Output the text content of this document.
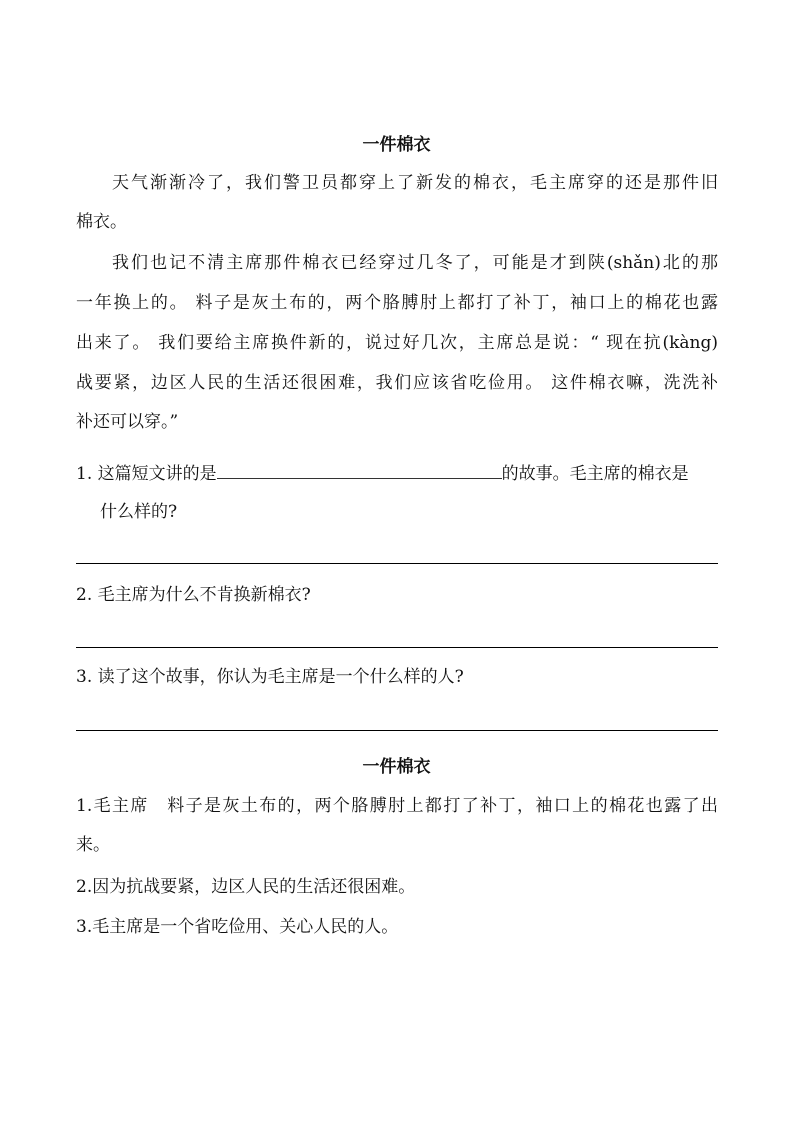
一件棉衣
天气渐渐冷了，我们警卫员都穿上了新发的棉衣，毛主席穿的还是那件旧
棉衣。
我们也记不清主席那件棉衣已经穿过几冬了，可能是才到陕(shǎn)北的那
一年换上的。 料子是灰土布的，两个胳膊肘上都打了补丁，袖口上的棉花也露
出来了。 我们要给主席换件新的，说过好几次，主席总是说：“ 现在抗(kàng)
战要紧，边区人民的生活还很困难，我们应该省吃俭用。 这件棉衣嘛，洗洗补
补还可以穿。”
1. 这篇短文讲的是	的故事。毛主席的棉衣是
什么样的?
2. 毛主席为什么不肯换新棉衣?
3. 读了这个故事，你认为毛主席是一个什么样的人?
一件棉衣
1.毛主席　料子是灰土布的，两个胳膊肘上都打了补丁，袖口上的棉花也露了出
来。
2.因为抗战要紧，边区人民的生活还很困难。
3.毛主席是一个省吃俭用、关心人民的人。
